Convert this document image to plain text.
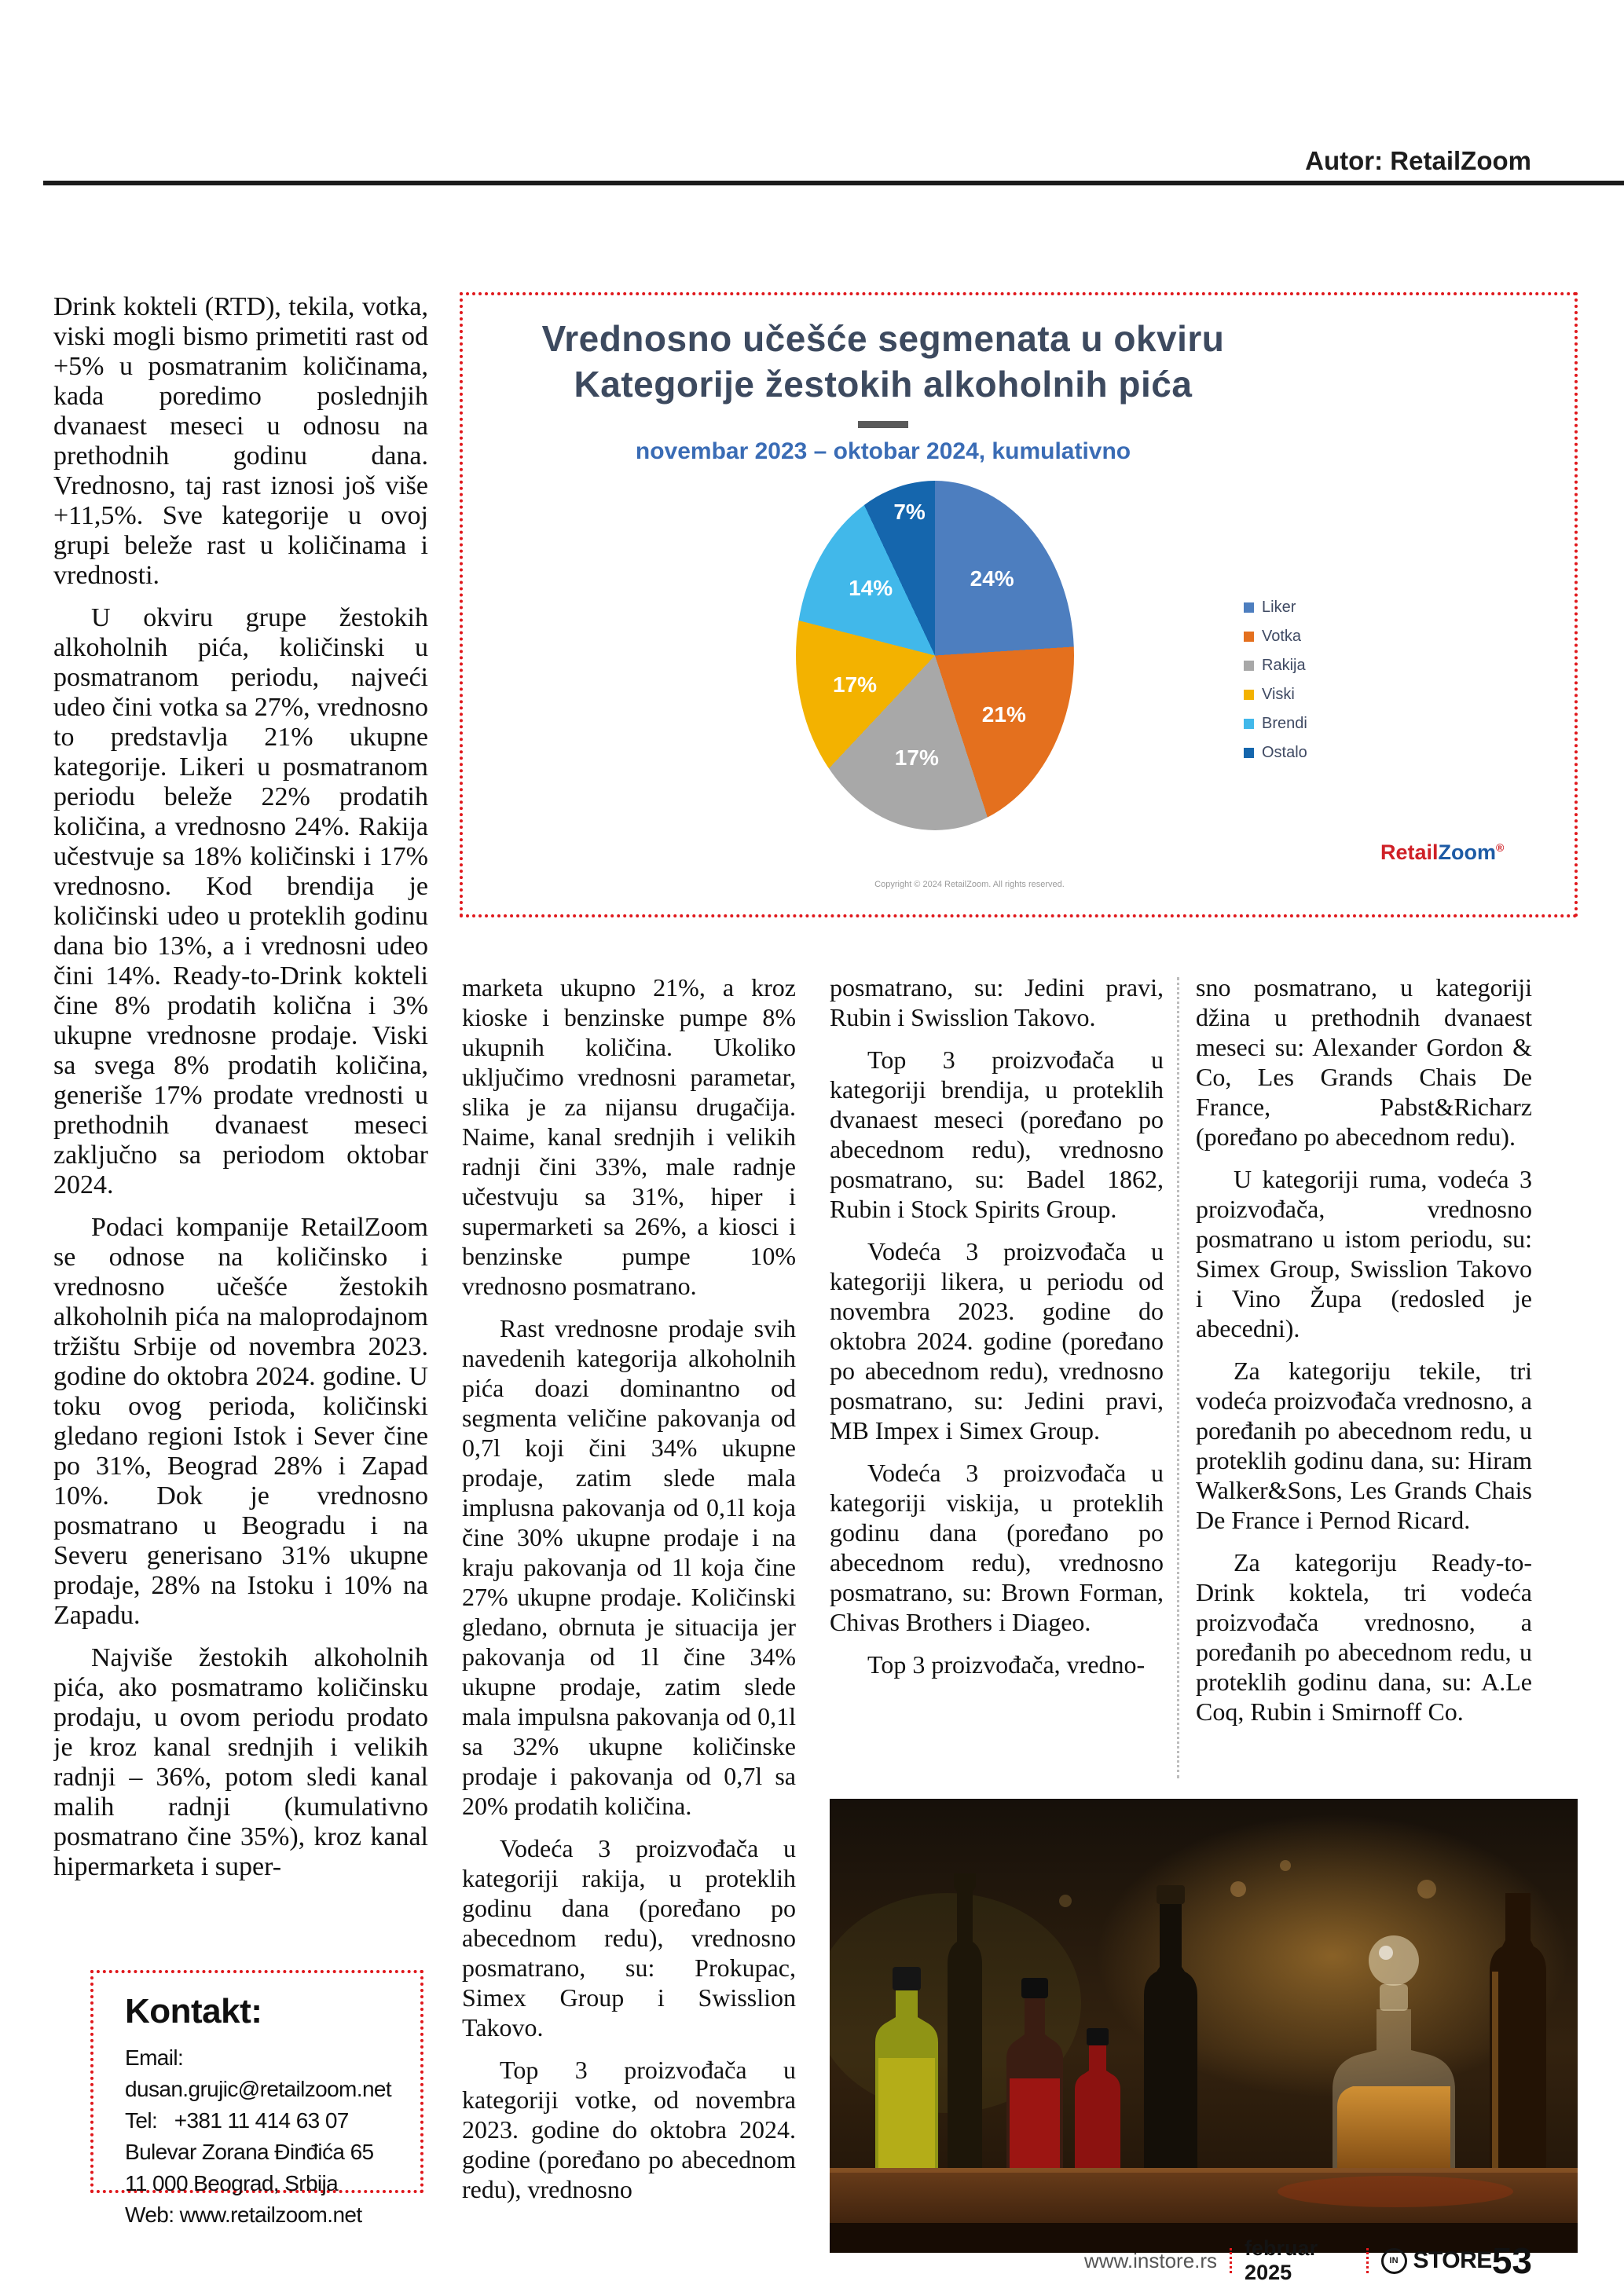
Autor: RetailZoom
Vrednosno učešće segmenata u okviru
Kategorije žestokih alkoholnih pića
novembar 2023 – oktobar 2024, kumulativno
24%
21%
17%
17%
14%
7%
Liker
Votka
Rakija
Viski
Brendi
Ostalo
RetailZoom®
Copyright © 2024 RetailZoom. All rights reserved.

Drink kokteli (RTD), tekila, votka, viski mogli bismo primetiti rast od +5% u posmatranim količinama, kada poredimo poslednjih dvanaest meseci u odnosu na prethodnih godinu dana. Vrednosno, taj rast iznosi još više +11,5%. Sve kategorije u ovoj grupi beleže rast u količinama i vrednosti.

U okviru grupe žestokih alkoholnih pića, količinski u posmatranom periodu, najveći udeo čini votka sa 27%, vrednosno to predstavlja 21% ukupne kategorije. Likeri u posmatranom periodu beleže 22% prodatih količina, a vrednosno 24%. Rakija učestvuje sa 18% količinski i 17% vrednosno. Kod brendija je količinski udeo u proteklih godinu dana bio 13%, a i vrednosni udeo čini 14%. Ready-to-Drink kokteli čine 8% prodatih količna i 3% ukupne vrednosne prodaje. Viski sa svega 8% prodatih količina, generiše 17% prodate vrednosti u prethodnih dvanaest meseci zaključno sa periodom oktobar 2024.

Podaci kompanije RetailZoom se odnose na količinsko i vrednosno učešće žestokih alkoholnih pića na maloprodajnom tržištu Srbije od novembra 2023. godine do oktobra 2024. godine. U toku ovog perioda, količinski gledano regioni Istok i Sever čine po 31%, Beograd 28% i Zapad 10%. Dok je vrednosno posmatrano u Beogradu i na Severu generisano 31% ukupne prodaje, 28% na Istoku i 10% na Zapadu.

Najviše žestokih alkoholnih pića, ako posmatramo količinsku prodaju, u ovom periodu prodato je kroz kanal srednjih i velikih radnji – 36%, potom sledi kanal malih radnji (kumulativno posmatrano čine 35%), kroz kanal hipermarketa i super-

marketa ukupno 21%, a kroz kioske i benzinske pumpe 8% ukupnih količina. Ukoliko uključimo vrednosni parametar, slika je za nijansu drugačija. Naime, kanal srednjih i velikih radnji čini 33%, male radnje učestvuju sa 31%, hiper i supermarketi sa 26%, a kiosci i benzinske pumpe 10% vrednosno posmatrano.

Rast vrednosne prodaje svih navedenih kategorija alkoholnih pića doazi dominantno od segmenta veličine pakovanja od 0,7l koji čini 34% ukupne prodaje, zatim slede mala implusna pakovanja od 0,1l koja čine 30% ukupne prodaje i na kraju pakovanja od 1l koja čine 27% ukupne prodaje. Količinski gledano, obrnuta je situacija jer pakovanja od 1l čine 34% ukupne prodaje, zatim slede mala impulsna pakovanja od 0,1l sa 32% ukupne količinske prodaje i pakovanja od 0,7l sa 20% prodatih količina.

Vodeća 3 proizvođača u kategoriji rakija, u proteklih godinu dana (poređano po abecednom redu), vrednosno posmatrano, su: Prokupac, Simex Group i Swisslion Takovo.

Top 3 proizvođača u kategoriji votke, od novembra 2023. godine do oktobra 2024. godine (poređano po abecednom redu), vrednosno

posmatrano, su: Jedini pravi, Rubin i Swisslion Takovo.

Top 3 proizvođača u kategoriji brendija, u proteklih dvanaest meseci (poređano po abecednom redu), vrednosno posmatrano, su: Badel 1862, Rubin i Stock Spirits Group.

Vodeća 3 proizvođača u kategoriji likera, u periodu od novembra 2023. godine do oktobra 2024. godine (poređano po abecednom redu), vrednosno posmatrano, su: Jedini pravi, MB Impex i Simex Group.

Vodeća 3 proizvođača u kategoriji viskija, u proteklih godinu dana (poređano po abecednom redu), vrednosno posmatrano, su: Brown Forman, Chivas Brothers i Diageo.

Top 3 proizvođača, vredno-

sno posmatrano, u kategoriji džina u prethodnih dvanaest meseci su: Alexander Gordon & Co, Les Grands Chais De France, Pabst&Richarz (poređano po abecednom redu).

U kategoriji ruma, vodeća 3 proizvođača, vrednosno posmatrano u istom periodu, su: Simex Group, Swisslion Takovo i Vino Župa (redosled je abecedni).

Za kategoriju tekile, tri vodeća proizvođača vrednosno, a poređanih po abecednom redu, u proteklih godinu dana, su: Hiram Walker&Sons, Les Grands Chais De France i Pernod Ricard.

Za kategoriju Ready-to-Drink koktela, tri vodeća proizvođača vrednosno, a poređanih po abecednom redu, u proteklih godinu dana, su: A.Le Coq, Rubin i Smirnoff Co.

Kontakt:
Email: dusan.grujic@retailzoom.net
Tel:   +381 11 414 63 07
Bulevar Zorana Đinđića 65
11 000 Beograd, Srbija
Web: www.retailzoom.net
www.instore.rs
februar 2025	IN STORE 53
